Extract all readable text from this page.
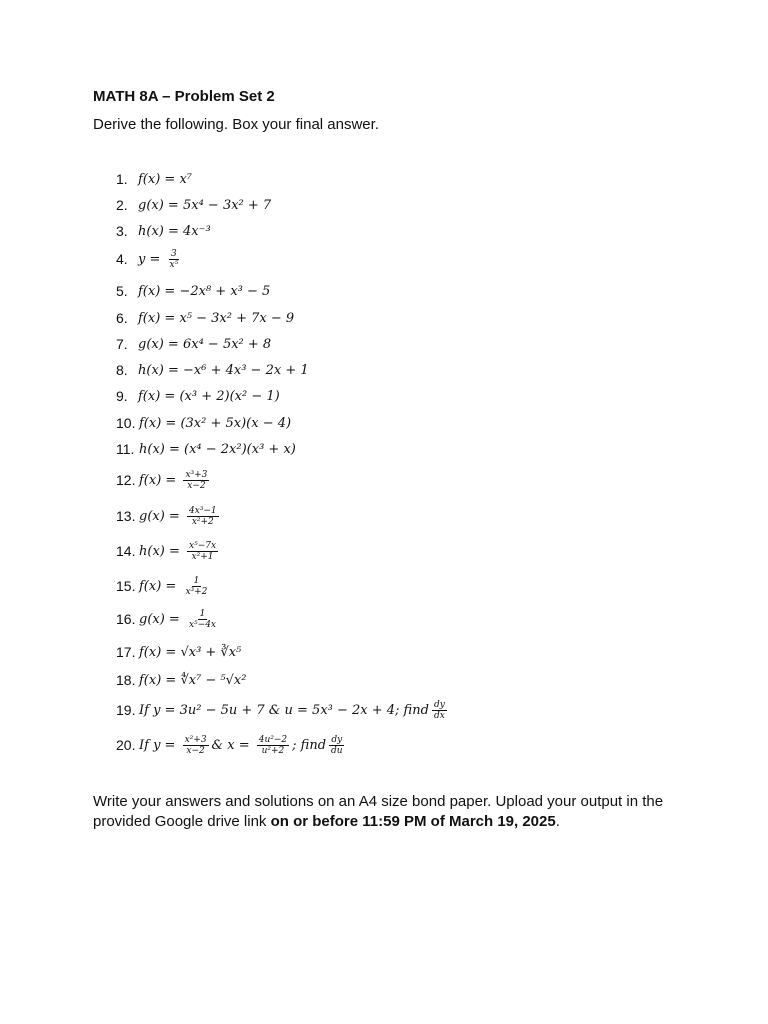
MATH 8A – Problem Set 2
Derive the following. Box your final answer.
1. f(x) = x⁷
2. g(x) = 5x⁴ − 3x² + 7
3. h(x) = 4x⁻³
4. $y = \frac{3}{\text{x⁵}}$
5. f(x) = −2x⁸ + x³ − 5
6. f(x) = x⁵ − 3x² + 7x − 9
7. g(x) = 6x⁴ − 5x² + 8
8. h(x) = −x⁶ + 4x³ − 2x + 1
9. f(x) = (x³ + 2)(x² − 1)
10. f(x) = (3x² + 5x)(x − 4)
11. h(x) = (x⁴ − 2x²)(x³ + x)
12. $f(x) = \frac{\text{x³+3}}{x-2}$
13. $g(x) = \frac{\text{4x³−1}}{\text{x²+2}}$
14. $h(x) = \frac{\text{x⁵−7x}}{\text{x²+1}}$
15. $f(x) = \frac{1}{\text{x³+2}}$
16. $g(x) = \frac{1}{\text{x⁵−4x}}$
17. f(x) = √x³ + ∛x⁵
18. f(x) = ∜x⁷ − ⁵√x²
19. If y = 3u² − 5u + 7 & u = 5x³ − 2x + 4; find $\frac{dy}{dx}$
20. If $y = \frac{\text{x²+3}}{x-2}$ & $x = \frac{\text{4u²−2}}{\text{u²+2}}$ ; find $\frac{dy}{du}$
Write your answers and solutions on an A4 size bond paper. Upload your output in the provided Google drive link on or before 11:59 PM of March 19, 2025.
